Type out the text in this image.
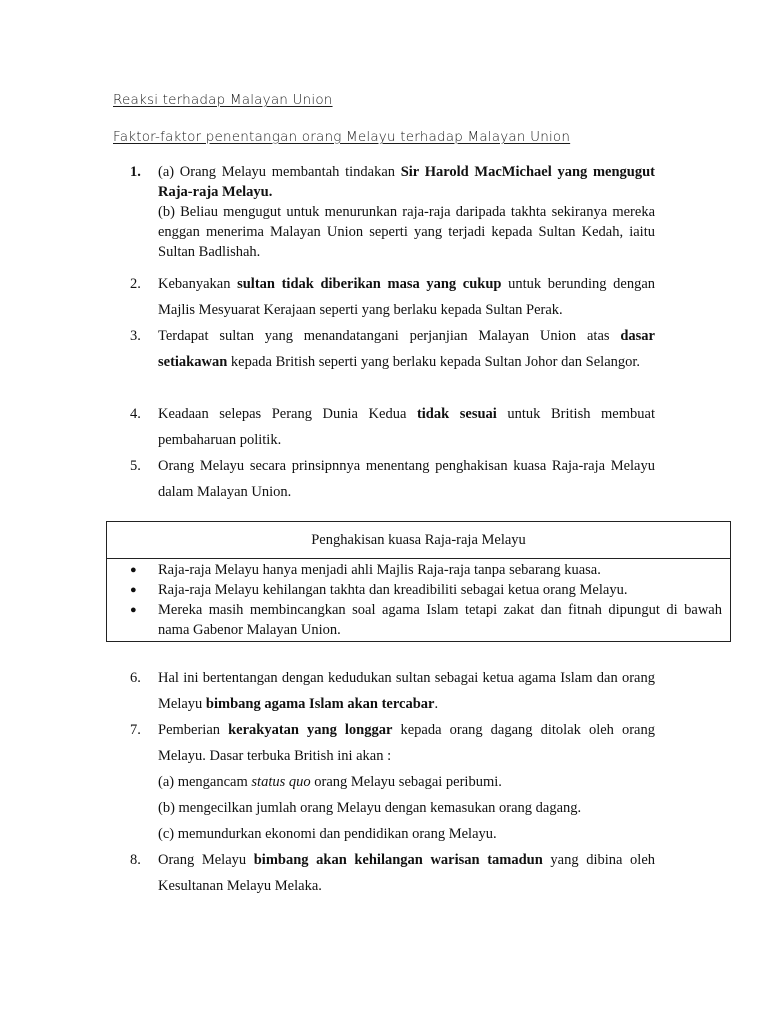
Reaksi terhadap Malayan Union

Faktor-faktor penentangan orang Melayu terhadap Malayan Union

1.	(a) Orang Melayu membantah tindakan Sir Harold MacMichael yang mengugut Raja-raja Melayu.
(b) Beliau mengugut untuk menurunkan raja-raja daripada takhta sekiranya mereka enggan menerima Malayan Union seperti yang terjadi kepada Sultan Kedah, iaitu Sultan Badlishah.
2.	Kebanyakan sultan tidak diberikan masa yang cukup untuk berunding dengan Majlis Mesyuarat Kerajaan seperti yang berlaku kepada Sultan Perak.
3.	Terdapat sultan yang menandatangani perjanjian Malayan Union atas dasar setiakawan kepada British seperti yang berlaku kepada Sultan Johor dan Selangor.
4.	Keadaan selepas Perang Dunia Kedua tidak sesuai untuk British membuat pembaharuan politik.
5.	Orang Melayu secara prinsipnnya menentang penghakisan kuasa Raja-raja Melayu dalam Malayan Union.
Penghakisan kuasa Raja-raja Melayu
● Raja-raja Melayu hanya menjadi ahli Majlis Raja-raja tanpa sebarang kuasa.
● Raja-raja Melayu kehilangan takhta dan kreadibiliti sebagai ketua orang Melayu.
● Mereka masih membincangkan soal agama Islam tetapi zakat dan fitnah dipungut di bawah nama Gabenor Malayan Union.
6.	Hal ini bertentangan dengan kedudukan sultan sebagai ketua agama Islam dan orang Melayu bimbang agama Islam akan tercabar.
7.	Pemberian kerakyatan yang longgar kepada orang dagang ditolak oleh orang Melayu. Dasar terbuka British ini akan :
(a) mengancam status quo orang Melayu sebagai peribumi.
(b) mengecilkan jumlah orang Melayu dengan kemasukan orang dagang.
(c) memundurkan ekonomi dan pendidikan orang Melayu.
8.	Orang Melayu bimbang akan kehilangan warisan tamadun yang dibina oleh Kesultanan Melayu Melaka.
